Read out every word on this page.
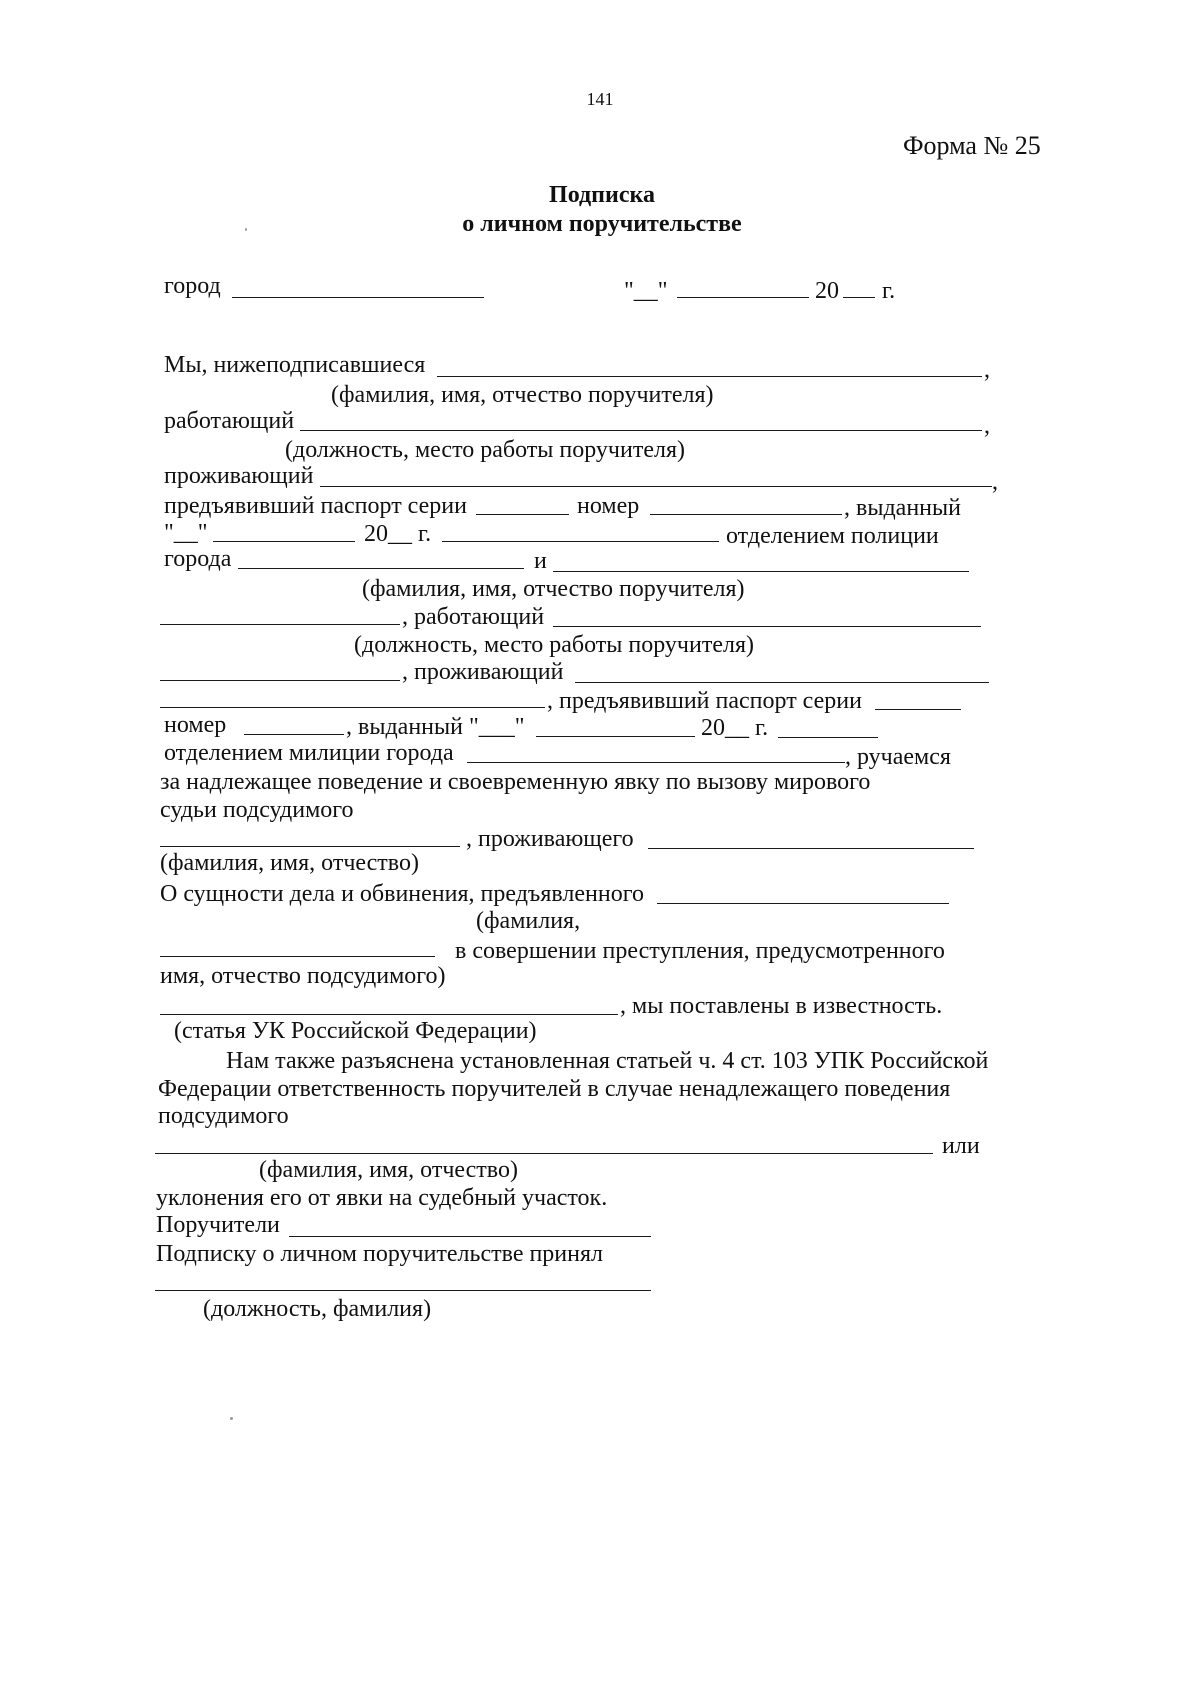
141
Форма № 25
Подписка
о личном поручительстве
город	"__"	20 г.
Мы, нижеподписавшиеся	,
(фамилия, имя, отчество поручителя)
работающий	,
(должность, место работы поручителя)
проживающий	,
предъявивший паспорт серии	номер	, выданный
"__"	20__ г.	отделением полиции
города	и
(фамилия, имя, отчество поручителя)
, работающий
(должность, место работы поручителя)
, проживающий
, предъявивший паспорт серии
номер	, выданный "___"	20__ г.
отделением милиции города	, ручаемся
за надлежащее поведение и своевременную явку по вызову мирового
судьи подсудимого
, проживающего
(фамилия, имя, отчество)
О сущности дела и обвинения, предъявленного
(фамилия,
в совершении преступления, предусмотренного
имя, отчество подсудимого)
, мы поставлены в известность.
(статья УК Российской Федерации)
Нам также разъяснена установленная статьей ч. 4 ст. 103 УПК Российской
Федерации ответственность поручителей в случае ненадлежащего поведения
подсудимого
или
(фамилия, имя, отчество)
уклонения его от явки на судебный участок.
Поручители
Подписку о личном поручительстве принял
(должность, фамилия)
